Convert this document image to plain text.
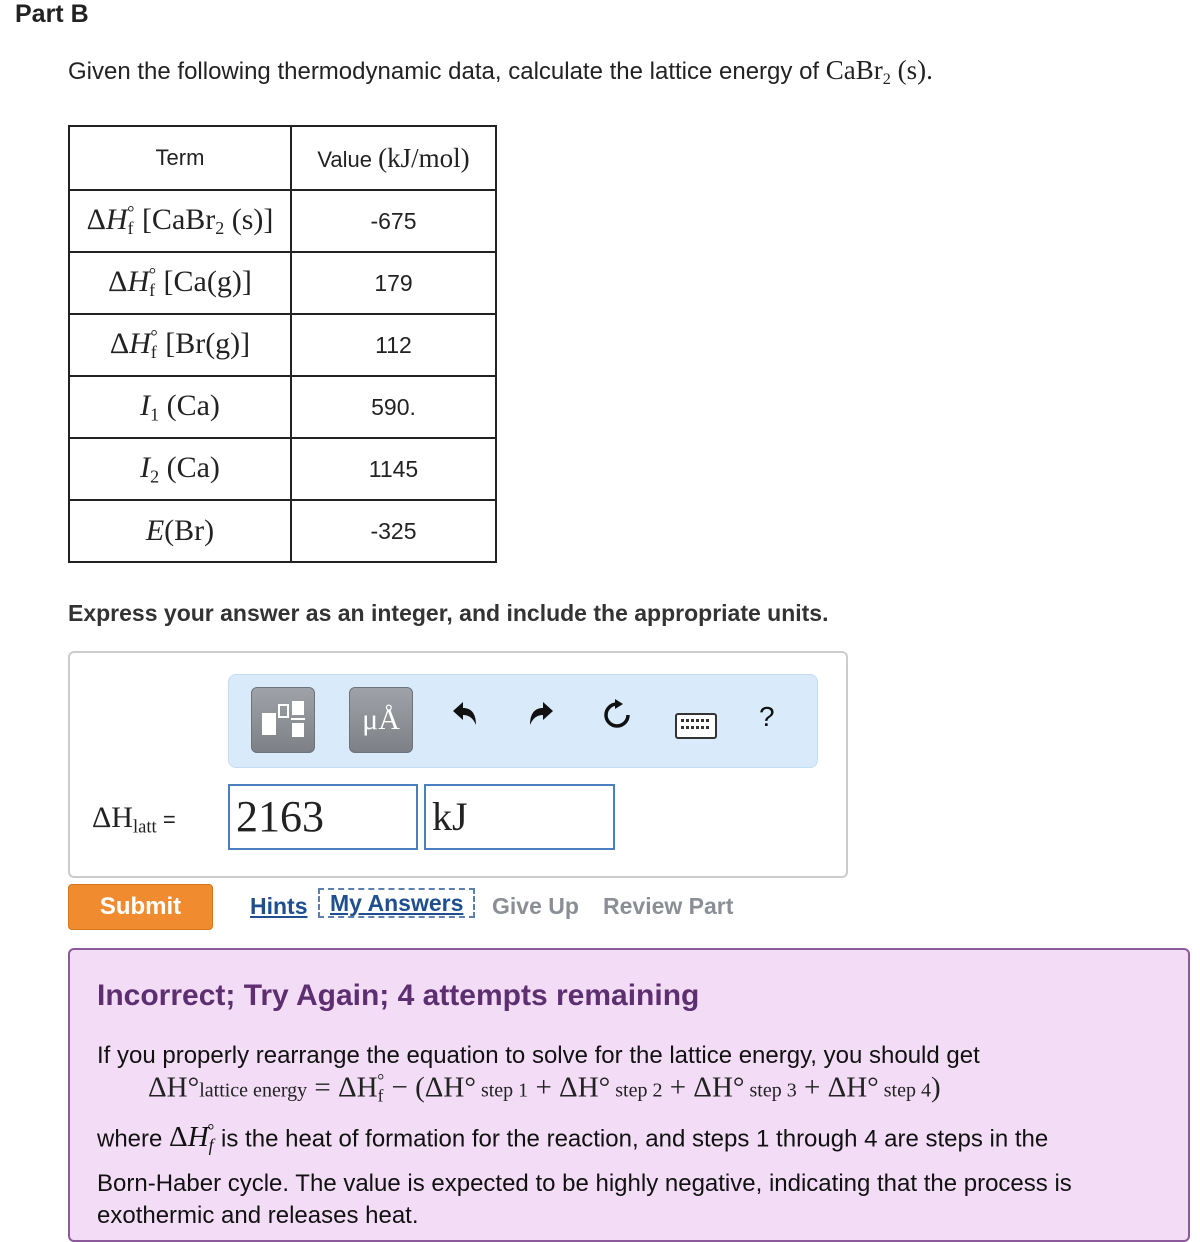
Part B
Given the following thermodynamic data, calculate the lattice energy of CaBr$_2$ (s).
Term	Value (kJ/mol)
$\Delta H_f^\circ$ [CaBr$_2$ (s)]	-675
$\Delta H_f^\circ$ [Ca(g)]	179
$\Delta H_f^\circ$ [Br(g)]	112
$I_1$ (Ca)	590.
$I_2$ (Ca)	1145
E(Br)	-325
Express your answer as an integer, and include the appropriate units.
μÅ	?
$\Delta H_{latt} = 2163$	kJ
Submit	Hints My Answers	Give Up Review Part
Incorrect; Try Again; 4 attempts remaining
If you properly rearrange the equation to solve for the lattice energy, you should get
ΔH°lattice energy = $\Delta H_f^\circ - (\Delta H^\circ$ step 1 + ΔH° step 2 + ΔH° step 3 + ΔH° step 4)
where $\Delta H_f^\circ$ is the heat of formation for the reaction, and steps 1 through 4 are steps in the
Born-Haber cycle. The value is expected to be highly negative, indicating that the process is
exothermic and releases heat.
